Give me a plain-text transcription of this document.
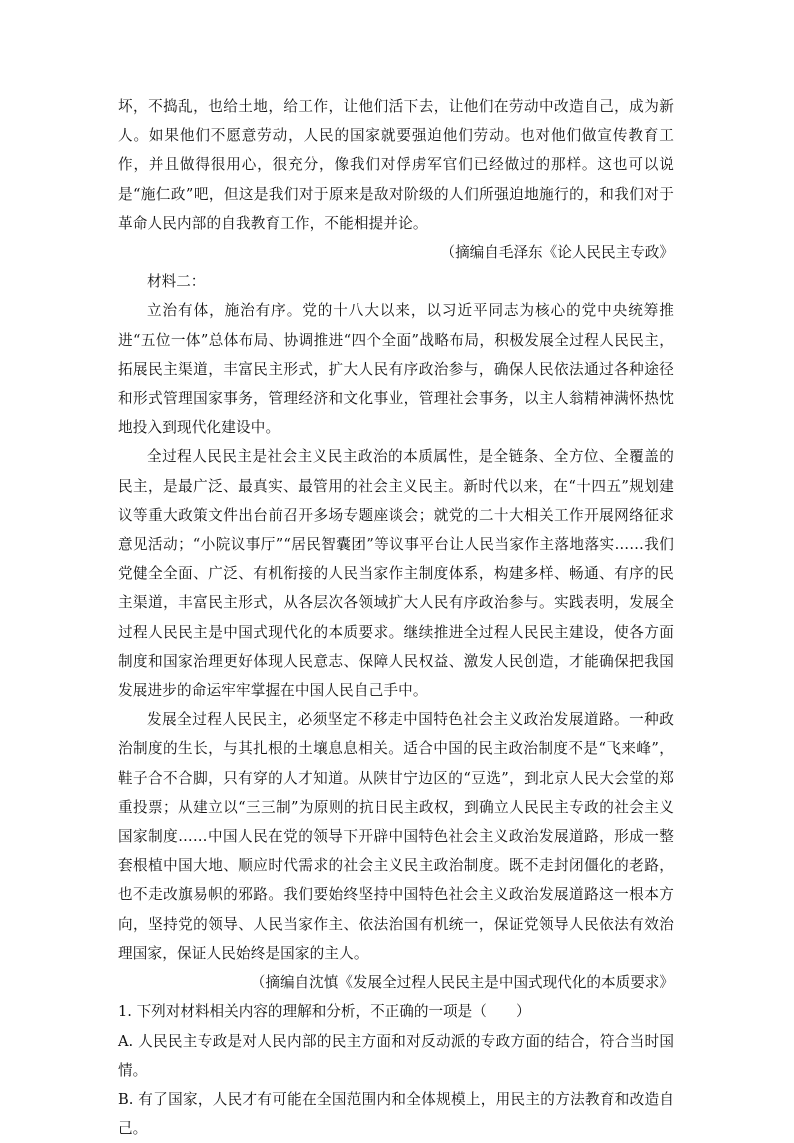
坏，不捣乱，也给土地，给工作，让他们活下去，让他们在劳动中改造自己，成为新人。如果他们不愿意劳动，人民的国家就要强迫他们劳动。也对他们做宣传教育工作，并且做得很用心，很充分，像我们对俘虏军官们已经做过的那样。这也可以说是“施仁政”吧，但这是我们对于原来是敌对阶级的人们所强迫地施行的，和我们对于革命人民内部的自我教育工作，不能相提并论。

（摘编自毛泽东《论人民民主专政》

材料二：

立治有体，施治有序。党的十八大以来，以习近平同志为核心的党中央统筹推进“五位一体”总体布局、协调推进“四个全面”战略布局，积极发展全过程人民民主，拓展民主渠道，丰富民主形式，扩大人民有序政治参与，确保人民依法通过各种途径和形式管理国家事务，管理经济和文化事业，管理社会事务，以主人翁精神满怀热忱地投入到现代化建设中。

全过程人民民主是社会主义民主政治的本质属性，是全链条、全方位、全覆盖的民主，是最广泛、最真实、最管用的社会主义民主。新时代以来，在“十四五”规划建议等重大政策文件出台前召开多场专题座谈会；就党的二十大相关工作开展网络征求意见活动；“小院议事厅”“居民智囊团”等议事平台让人民当家作主落地落实……我们党健全全面、广泛、有机衔接的人民当家作主制度体系，构建多样、畅通、有序的民主渠道，丰富民主形式，从各层次各领域扩大人民有序政治参与。实践表明，发展全过程人民民主是中国式现代化的本质要求。继续推进全过程人民民主建设，使各方面制度和国家治理更好体现人民意志、保障人民权益、激发人民创造，才能确保把我国发展进步的命运牢牢掌握在中国人民自己手中。

发展全过程人民民主，必须坚定不移走中国特色社会主义政治发展道路。一种政治制度的生长，与其扎根的土壤息息相关。适合中国的民主政治制度不是“飞来峰”，鞋子合不合脚，只有穿的人才知道。从陕甘宁边区的“豆选”，到北京人民大会堂的郑重投票；从建立以“三三制”为原则的抗日民主政权，到确立人民民主专政的社会主义国家制度……中国人民在党的领导下开辟中国特色社会主义政治发展道路，形成一整套根植中国大地、顺应时代需求的社会主义民主政治制度。既不走封闭僵化的老路，也不走改旗易帜的邪路。我们要始终坚持中国特色社会主义政治发展道路这一根本方向，坚持党的领导、人民当家作主、依法治国有机统一，保证党领导人民依法有效治理国家，保证人民始终是国家的主人。

（摘编自沈慎《发展全过程人民民主是中国式现代化的本质要求》

1. 下列对材料相关内容的理解和分析，不正确的一项是（　　）

A. 人民民主专政是对人民内部的民主方面和对反动派的专政方面的结合，符合当时国情。

B. 有了国家，人民才有可能在全国范围内和全体规模上，用民主的方法教育和改造自己。
